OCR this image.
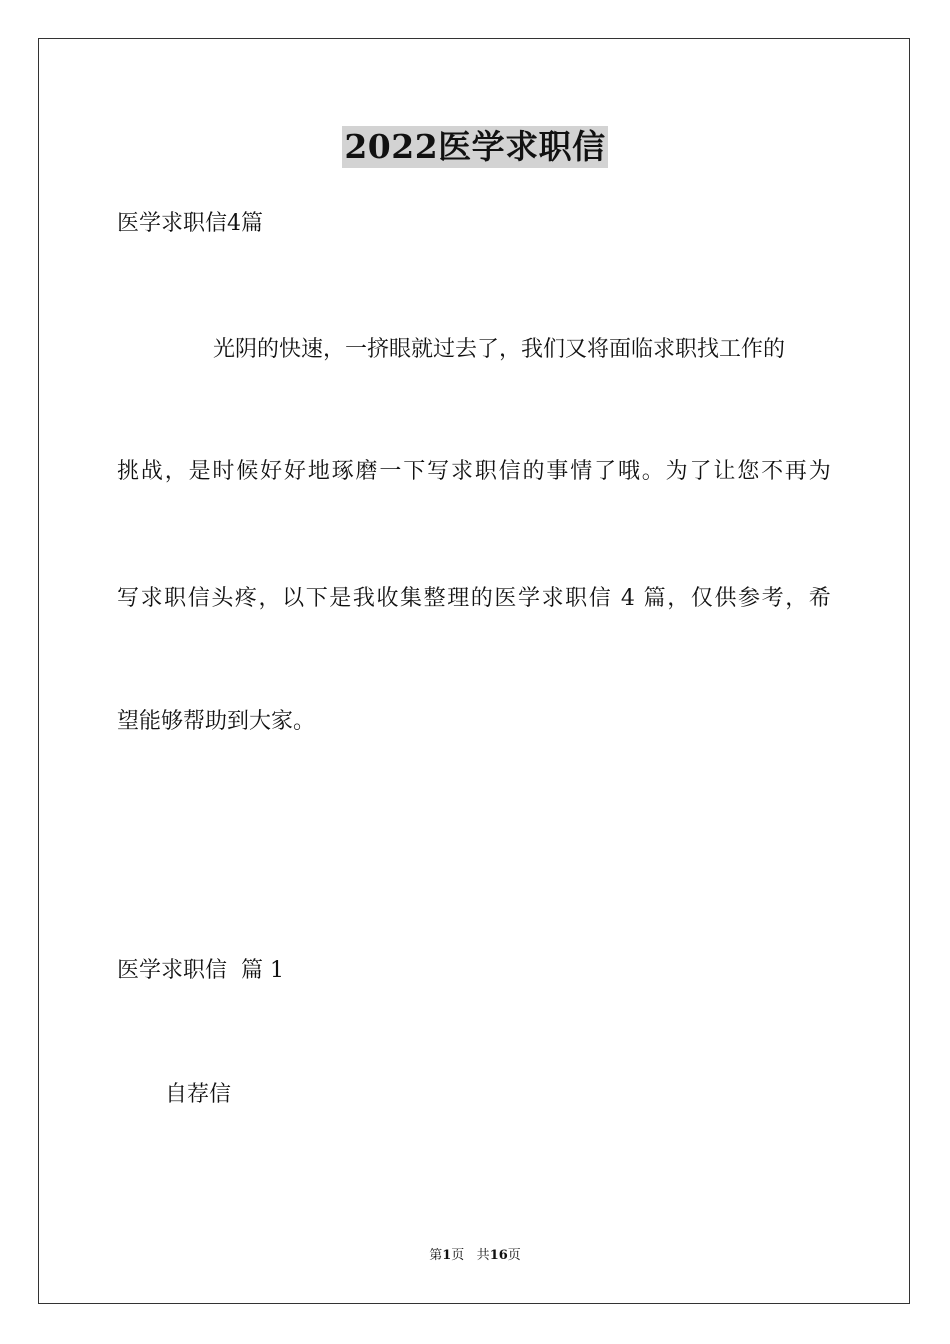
2022医学求职信
医学求职信4篇
光阴的快速，一挤眼就过去了，我们又将面临求职找工作的
挑战，是时候好好地琢磨一下写求职信的事情了哦。为了让您不再为
写求职信头疼，以下是我收集整理的医学求职信 4 篇，仅供参考，希
望能够帮助到大家。
医学求职信  篇 1
自荐信
第1页 共16页
